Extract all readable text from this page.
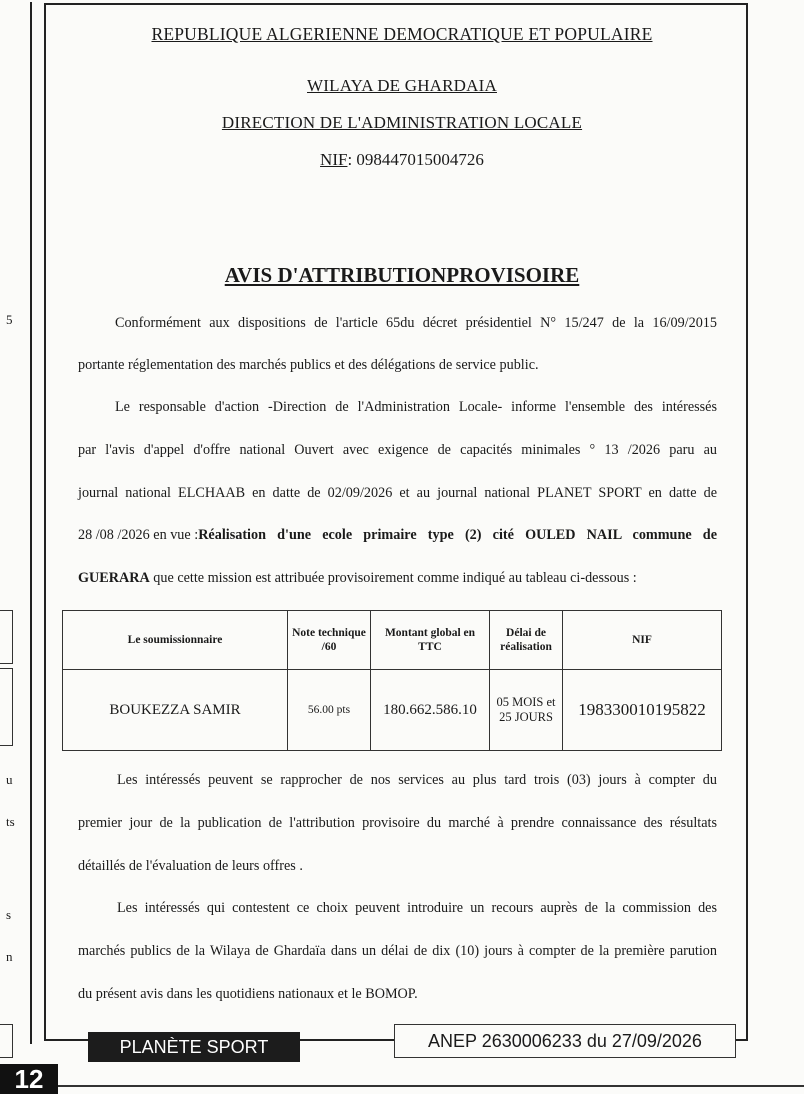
5
u
ts
s
n
REPUBLIQUE ALGERIENNE DEMOCRATIQUE ET POPULAIRE
WILAYA DE GHARDAIA
DIRECTION DE L'ADMINISTRATION LOCALE
NIF: 098447015004726
AVIS D'ATTRIBUTIONPROVISOIRE
Conformément aux dispositions de l'article 65du décret présidentiel N° 15/247 de la 16/09/2015
portante réglementation des marchés publics et des délégations de service public.
Le responsable d'action -Direction de l'Administration Locale- informe l'ensemble des intéressés
par l'avis d'appel d'offre national Ouvert avec exigence de capacités minimales ° 13 /2026 paru au
journal national ELCHAAB en datte de 02/09/2026 et au journal national PLANET SPORT en datte de
28 /08 /2026 en vue : Réalisation d'une ecole primaire type (2) cité OULED NAIL commune de
GUERARA que cette mission est attribuée provisoirement comme indiqué au tableau ci-dessous :
Le soumissionnaire	Note technique /60	Montant global en TTC	Délai de réalisation	NIF
BOUKEZZA SAMIR	56.00 pts	180.662.586.10	05 MOIS et 25 JOURS	198330010195822
Les intéressés peuvent se rapprocher de nos services au plus tard trois (03) jours à compter du
premier jour de la publication de l'attribution provisoire du marché à prendre connaissance des résultats
détaillés de l'évaluation de leurs offres .
Les intéressés qui contestent ce choix peuvent introduire un recours auprès de la commission des
marchés publics de la Wilaya de Ghardaïa dans un délai de dix (10) jours à compter de la première parution
du présent avis dans les quotidiens nationaux et le BOMOP.
PLANÈTE SPORT	ANEP 2630006233 du 27/09/2026
12
